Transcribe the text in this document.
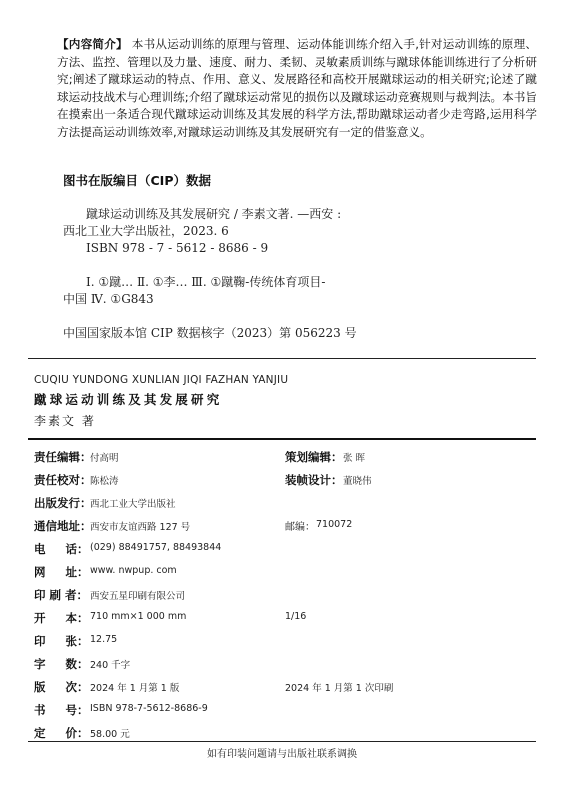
【内容简介】 本书从运动训练的原理与管理、运动体能训练介绍入手,针对运动训练的原理、方法、监控、管理以及力量、速度、耐力、柔韧、灵敏素质训练与蹴球体能训练进行了分析研究;阐述了蹴球运动的特点、作用、意义、发展路径和高校开展蹴球运动的相关研究;论述了蹴球运动技战术与心理训练;介绍了蹴球运动常见的损伤以及蹴球运动竞赛规则与裁判法。本书旨在摸索出一条适合现代蹴球运动训练及其发展的科学方法,帮助蹴球运动者少走弯路,运用科学方法提高运动训练效率,对蹴球运动训练及其发展研究有一定的借鉴意义。
图书在版编目（CIP）数据
蹴球运动训练及其发展研究 / 李素文著. —西安 :
西北工业大学出版社，2023. 6
ISBN 978 - 7 - 5612 - 8686 - 9
Ⅰ. ①蹴… Ⅱ. ①李… Ⅲ. ①蹴鞠-传统体育项目-
中国 Ⅳ. ①G843
中国国家版本馆 CIP 数据核字（2023）第 056223 号
CUQIU YUNDONG XUNLIAN JIQI FAZHAN YANJIU
蹴球运动训练及其发展研究
李素文 著
责任编辑：
付高明	策划编辑： 张 晖
责任校对：
陈松涛	装帧设计： 董晓伟
出版发行：
西北工业大学出版社
通信地址：
西安市友谊西路 127 号	邮编： 710072
电     话： (029) 88491757, 88493844
网     址： www. nwpup. com
印 刷 者： 西安五星印刷有限公司
开     本： 710 mm×1 000 mm	1/16
印     张： 12.75
字     数： 240 千字
版     次： 2024 年 1 月第 1 版	2024 年 1 月第 1 次印刷
书     号： ISBN 978-7-5612-8686-9
定     价： 58.00 元
如有印装问题请与出版社联系调换
